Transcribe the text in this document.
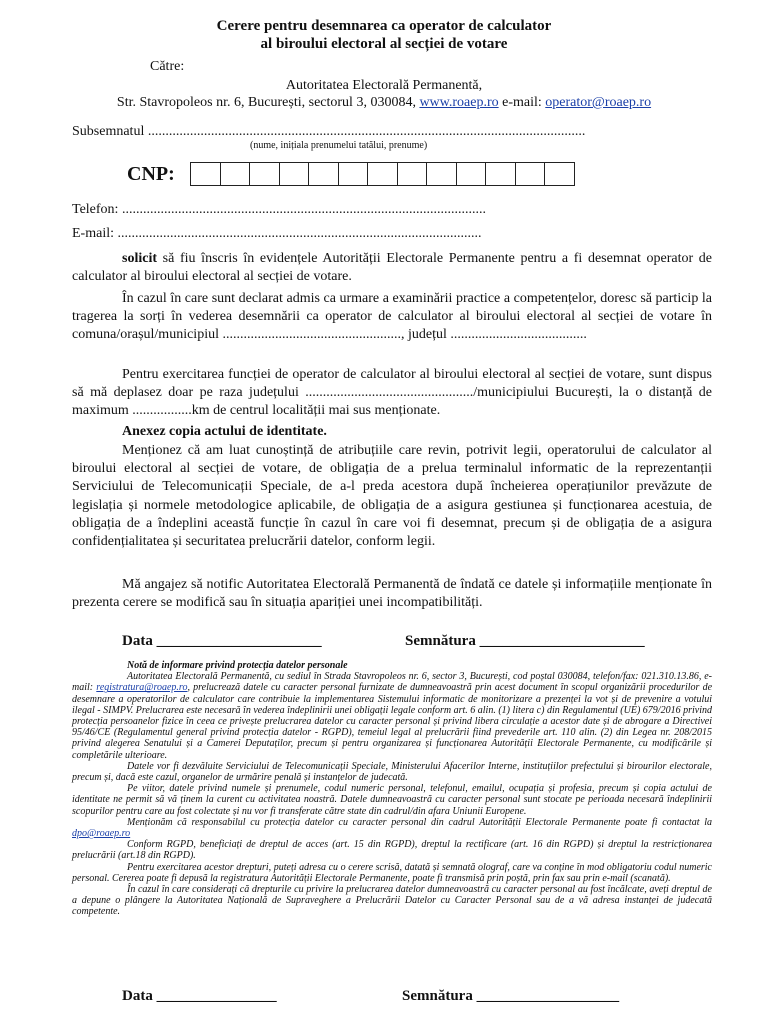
Cerere pentru desemnarea ca operator de calculator
al biroului electoral al secției de votare
Către:
Autoritatea Electorală Permanentă,
Str. Stavropoleos nr. 6, București, sectorul 3, 030084, www.roaep.ro e-mail: operator@roaep.ro
Subsemnatul .............................................................................................................................
(nume, inițiala prenumelui tatălui, prenume)
CNP:
Telefon: ........................................................................................................
E-mail: ........................................................................................................
solicit să fiu înscris în evidențele Autorității Electorale Permanente pentru a fi desemnat operator de calculator al biroului electoral al secției de votare.
În cazul în care sunt declarat admis ca urmare a examinării practice a competențelor, doresc să particip la tragerea la sorți în vederea desemnării ca operator de calculator al biroului electoral al secției de votare în comuna/orașul/municipiul ..................................................., județul .......................................
Pentru exercitarea funcției de operator de calculator al biroului electoral al secției de votare, sunt dispus să mă deplasez doar pe raza județului ................................................/municipiului București, la o distanță de maximum .................km de centrul localității mai sus menționate.
Anexez copia actului de identitate.
Menționez că am luat cunoștință de atribuțiile care revin, potrivit legii, operatorului de calculator al biroului electoral al secției de votare, de obligația de a prelua terminalul informatic de la reprezentanții Serviciului de Telecomunicații Speciale, de a-l preda acestora după încheierea operațiunilor prevăzute de legislația și normele metodologice aplicabile, de obligația de a asigura gestiunea și funcționarea acestuia, de obligația de a îndeplini această funcție în cazul în care voi fi desemnat, precum și de obligația de a asigura confidențialitatea și securitatea prelucrării datelor, conform legii.
Mă angajez să notific Autoritatea Electorală Permanentă de îndată ce datele și informațiile menționate în prezenta cerere se modifică sau în situația apariției unei incompatibilități.
Data ______________________	Semnătura ______________________
Notă de informare privind protecția datelor personale
Autoritatea Electorală Permanentă, cu sediul în Strada Stavropoleos nr. 6, sector 3, București, cod poștal 030084, telefon/fax: 021.310.13.86, e-mail: registratura@roaep.ro, prelucrează datele cu caracter personal furnizate de dumneavoastră prin acest document în scopul organizării procedurilor de desemnare a operatorilor de calculator care contribuie la implementarea Sistemului informatic de monitorizare a prezenței la vot și de prevenire a votului ilegal - SIMPV. Prelucrarea este necesară în vederea îndeplinirii unei obligații legale conform art. 6 alin. (1) litera c) din Regulamentul (UE) 679/2016 privind protecția persoanelor fizice în ceea ce privește prelucrarea datelor cu caracter personal și privind libera circulație a acestor date și de abrogare a Directivei 95/46/CE (Regulamentul general privind protecția datelor - RGPD), temeiul legal al prelucrării fiind prevederile art. 110 alin. (2) din Legea nr. 208/2015 privind alegerea Senatului și a Camerei Deputaților, precum și pentru organizarea și funcționarea Autorității Electorale Permanente, cu modificările și completările ulterioare.
Datele vor fi dezvăluite Serviciului de Telecomunicații Speciale, Ministerului Afacerilor Interne, instituțiilor prefectului și birourilor electorale, precum și, dacă este cazul, organelor de urmărire penală și instanțelor de judecată.
Pe viitor, datele privind numele și prenumele, codul numeric personal, telefonul, emailul, ocupația și profesia, precum și copia actului de identitate ne permit să vă ținem la curent cu activitatea noastră. Datele dumneavoastră cu caracter personal sunt stocate pe perioada necesară îndeplinirii scopurilor pentru care au fost colectate și nu vor fi transferate către state din cadrul/din afara Uniunii Europene.
Menționăm că responsabilul cu protecția datelor cu caracter personal din cadrul Autorității Electorale Permanente poate fi contactat la dpo@roaep.ro
Conform RGPD, beneficiați de dreptul de acces (art. 15 din RGPD), dreptul la rectificare (art. 16 din RGPD) și dreptul la restricționarea prelucrării (art.18 din RGPD).
Pentru exercitarea acestor drepturi, puteți adresa cu o cerere scrisă, datată și semnată olograf, care va conține în mod obligatoriu codul numeric personal. Cererea poate fi depusă la registratura Autorității Electorale Permanente, poate fi transmisă prin poștă, prin fax sau prin e-mail (scanată).
În cazul în care considerați că drepturile cu privire la prelucrarea datelor dumneavoastră cu caracter personal au fost încălcate, aveți dreptul de a depune o plângere la Autoritatea Națională de Supraveghere a Prelucrării Datelor cu Caracter Personal sau de a vă adresa instanței de judecată competente.
Data ________________	Semnătura ___________________
